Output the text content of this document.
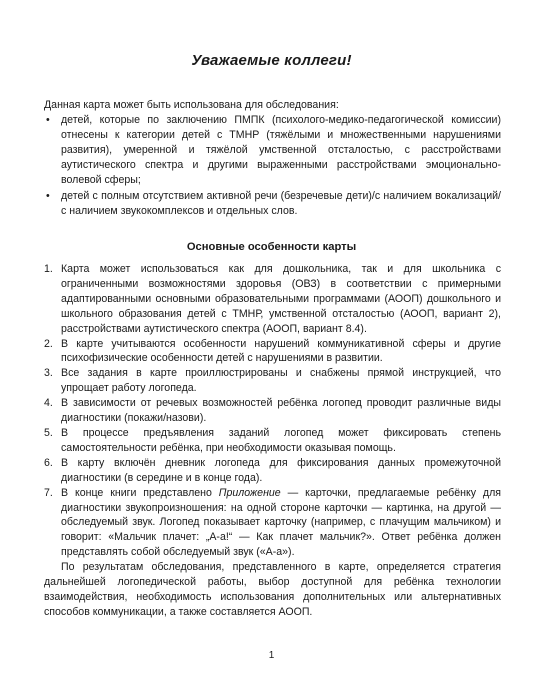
Уважаемые коллеги!

Данная карта может быть использована для обследования:

• детей, которые по заключению ПМПК (психолого-медико-педагогической комиссии) отнесены к категории детей с ТМНР (тяжёлыми и множественными нарушениями развития), умеренной и тяжёлой умственной отсталостью, с расстройствами аутистического спектра и другими выраженными расстройствами эмоционально-волевой сферы;
• детей с полным отсутствием активной речи (безречевые дети)/с наличием вокализаций/с наличием звукокомплексов и отдельных слов.
Основные особенности карты
1. Карта может использоваться как для дошкольника, так и для школьника с ограниченными возможностями здоровья (ОВЗ) в соответствии с примерными адаптированными основными образовательными программами (АООП) дошкольного и школьного образования детей с ТМНР, умственной отсталостью (АООП, вариант 2), расстройствами аутистического спектра (АООП, вариант 8.4).
2. В карте учитываются особенности нарушений коммуникативной сферы и другие психофизические особенности детей с нарушениями в развитии.
3. Все задания в карте проиллюстрированы и снабжены прямой инструкцией, что упрощает работу логопеда.
4. В зависимости от речевых возможностей ребёнка логопед проводит различные виды диагностики (покажи/назови).
5. В процессе предъявления заданий логопед может фиксировать степень самостоятельности ребёнка, при необходимости оказывая помощь.
6. В карту включён дневник логопеда для фиксирования данных промежуточной диагностики (в середине и в конце года).
7. В конце книги представлено Приложение — карточки, предлагаемые ребёнку для диагностики звукопроизношения: на одной стороне карточки — картинка, на другой — обследуемый звук. Логопед показывает карточку (например, с плачущим мальчиком) и говорит: «Мальчик плачет: „А-а!“ — Как плачет мальчик?». Ответ ребёнка должен представлять собой обследуемый звук («А-а»).

По результатам обследования, представленного в карте, определяется стратегия дальнейшей логопедической работы, выбор доступной для ребёнка технологии взаимодействия, необходимость использования дополнительных или альтернативных способов коммуникации, а также составляется АООП.

1
